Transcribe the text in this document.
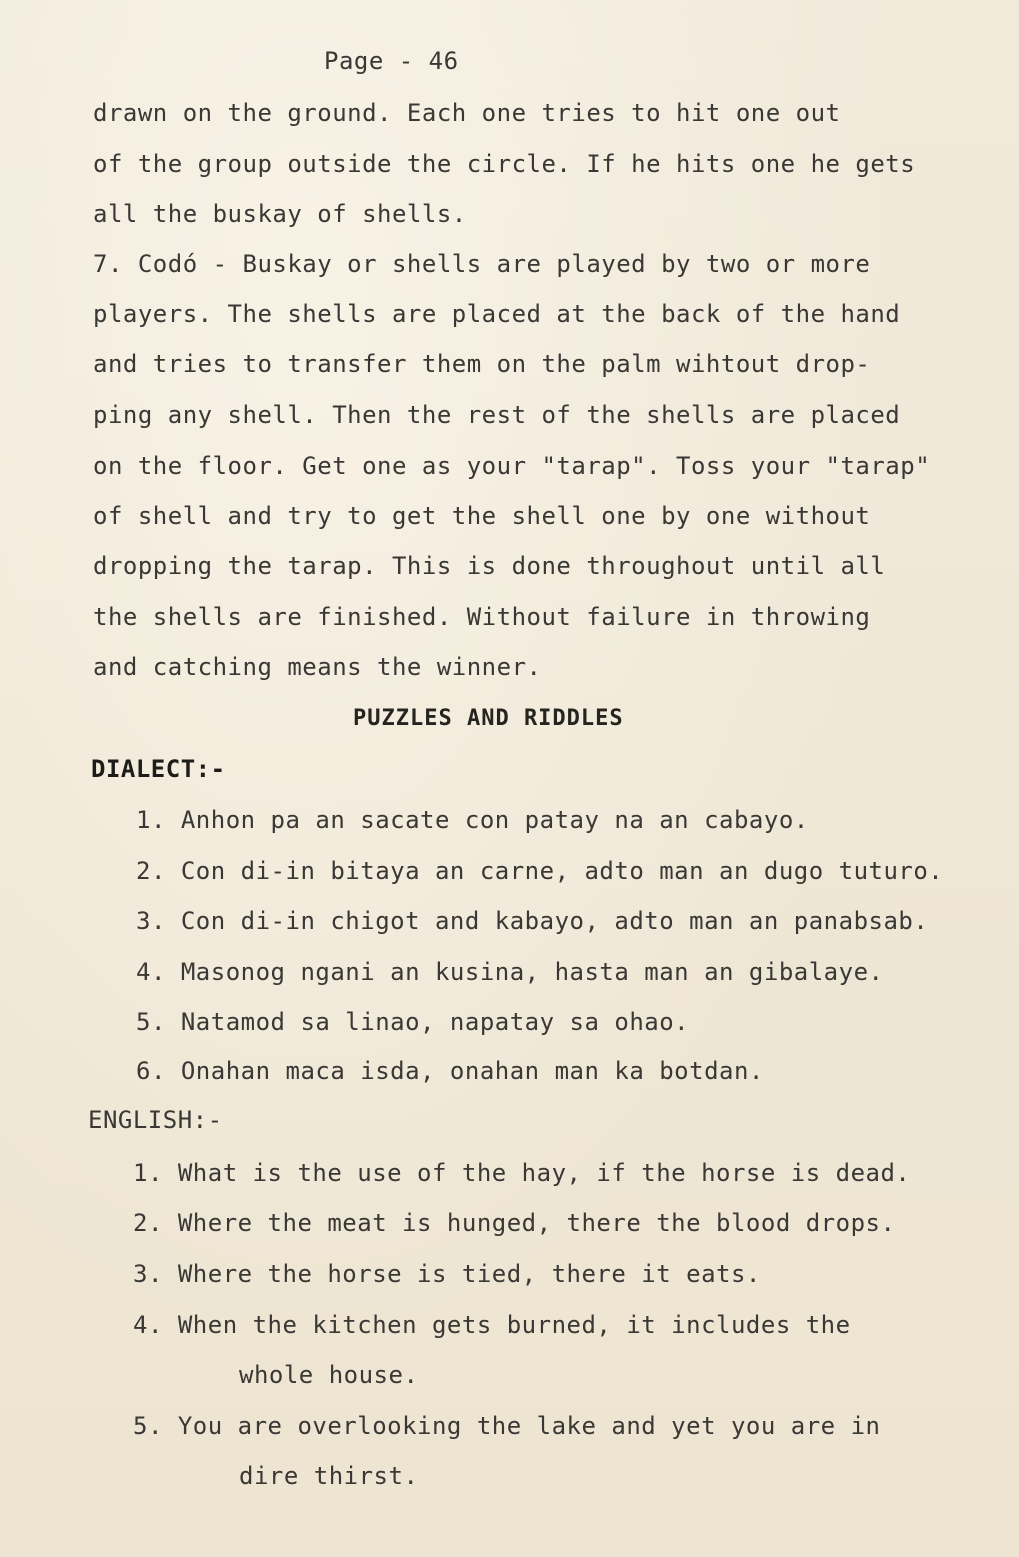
Page - 46
drawn on the ground. Each one tries to hit one out
of the group outside the circle. If he hits one he gets
all the buskay of shells.
7. Codó - Buskay or shells are played by two or more
players. The shells are placed at the back of the hand
and tries to transfer them on the palm wihtout drop-
ping any shell. Then the rest of the shells are placed
on the floor. Get one as your "tarap". Toss your "tarap"
of shell and try to get the shell one by one without
dropping the tarap. This is done throughout until all
the shells are finished. Without failure in throwing
and catching means the winner.
PUZZLES AND RIDDLES
DIALECT:-
1. Anhon pa an sacate con patay na an cabayo.
2. Con di-in bitaya an carne, adto man an dugo tuturo.
3. Con di-in chigot and kabayo, adto man an panabsab.
4. Masonog ngani an kusina, hasta man an gibalaye.
5. Natamod sa linao, napatay sa ohao.
6. Onahan maca isda, onahan man ka botdan.
ENGLISH:-
1. What is the use of the hay, if the horse is dead.
2. Where the meat is hunged, there the blood drops.
3. Where the horse is tied, there it eats.
4. When the kitchen gets burned, it includes the
whole house.
5. You are overlooking the lake and yet you are in
dire thirst.
